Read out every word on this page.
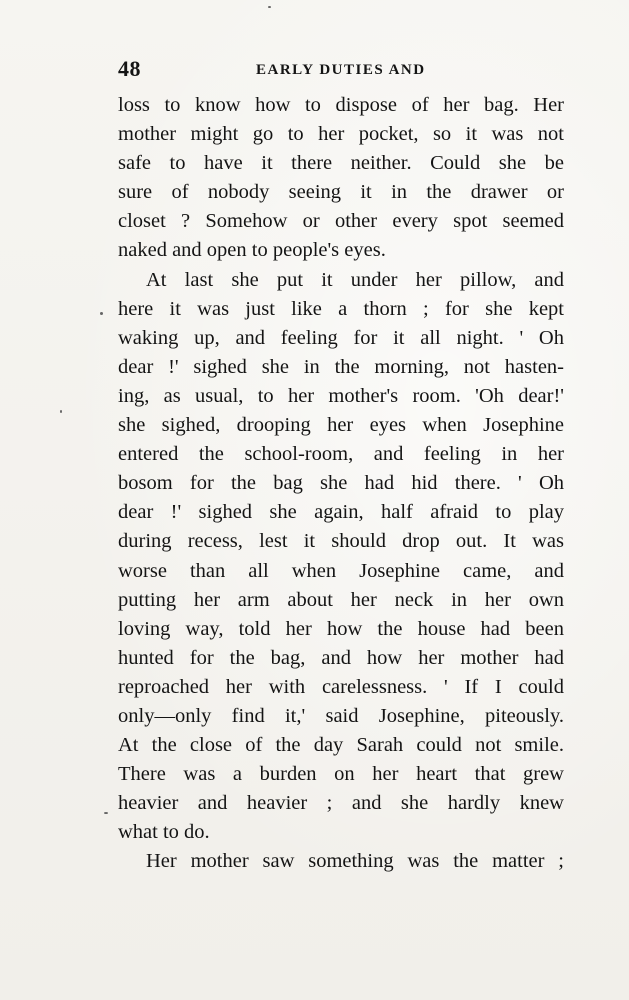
48	EARLY DUTIES AND
loss to know how to dispose of her bag. Her
mother might go to her pocket, so it was not
safe to have it there neither. Could she be
sure of nobody seeing it in the drawer or
closet ? Somehow or other every spot seemed
naked and open to people's eyes.
At last she put it under her pillow, and
here it was just like a thorn ; for she kept
waking up, and feeling for it all night. ' Oh
dear !' sighed she in the morning, not hasten-
ing, as usual, to her mother's room. 'Oh dear!'
she sighed, drooping her eyes when Josephine
entered the school-room, and feeling in her
bosom for the bag she had hid there. ' Oh
dear !' sighed she again, half afraid to play
during recess, lest it should drop out. It was
worse than all when Josephine came, and
putting her arm about her neck in her own
loving way, told her how the house had been
hunted for the bag, and how her mother had
reproached her with carelessness. ' If I could
only—only find it,' said Josephine, piteously.
At the close of the day Sarah could not smile.
There was a burden on her heart that grew
heavier and heavier ; and she hardly knew
what to do.
Her mother saw something was the matter ;
